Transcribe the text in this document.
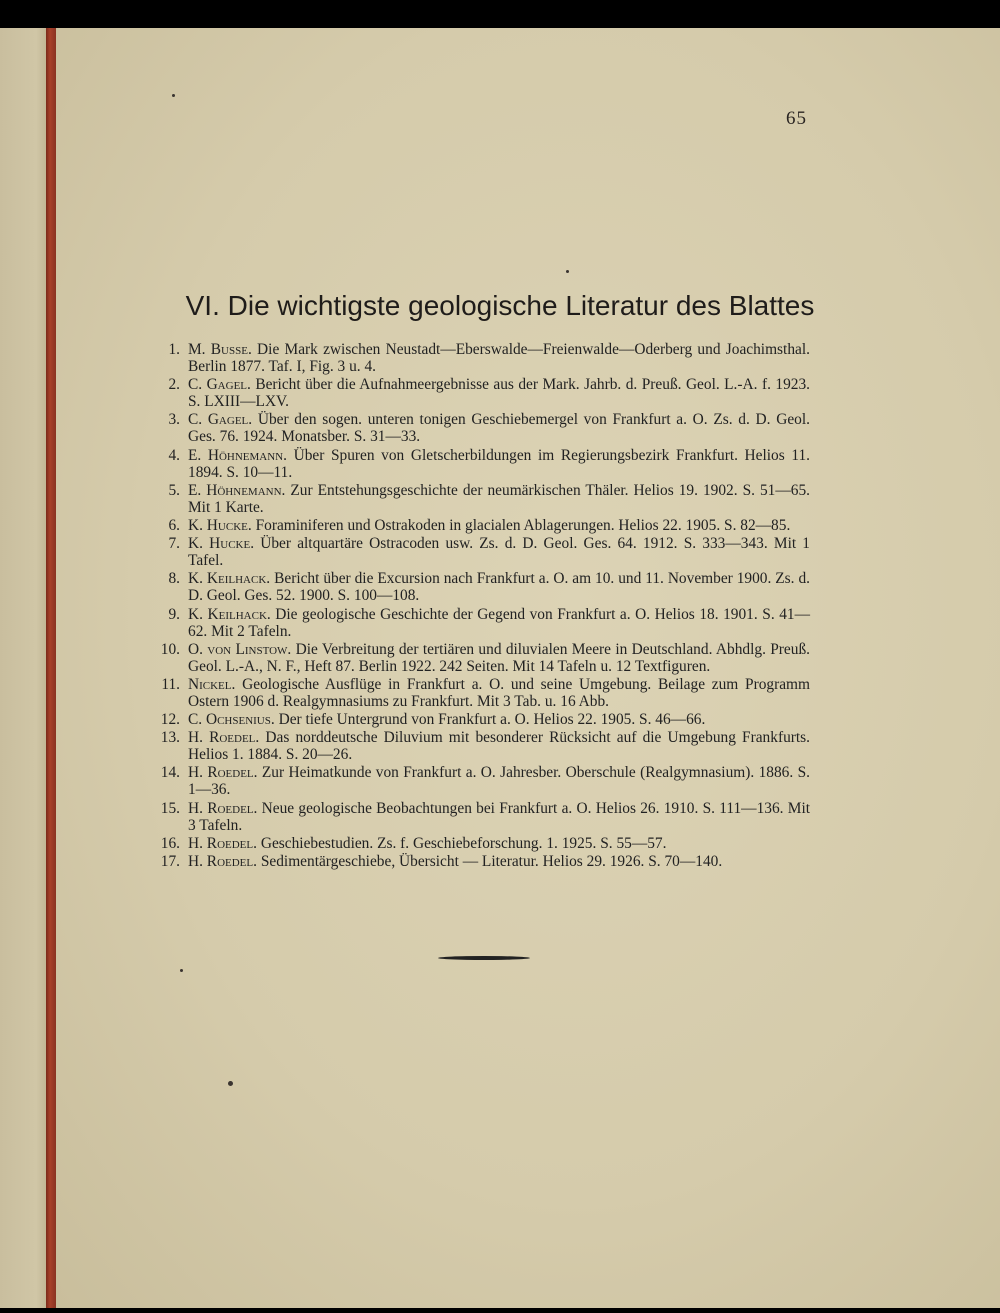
65
VI. Die wichtigste geologische Literatur des Blattes
1. M. Busse. Die Mark zwischen Neustadt—Eberswalde—Freienwalde—Oderberg und Joachimsthal. Berlin 1877. Taf. I, Fig. 3 u. 4.
2. C. Gagel. Bericht über die Aufnahmeergebnisse aus der Mark. Jahrb. d. Preuß. Geol. L.-A. f. 1923. S. LXIII—LXV.
3. C. Gagel. Über den sogen. unteren tonigen Geschiebemergel von Frankfurt a. O. Zs. d. D. Geol. Ges. 76. 1924. Monatsber. S. 31—33.
4. E. Höhnemann. Über Spuren von Gletscherbildungen im Regierungsbezirk Frankfurt. Helios 11. 1894. S. 10—11.
5. E. Höhnemann. Zur Entstehungsgeschichte der neumärkischen Thäler. Helios 19. 1902. S. 51—65. Mit 1 Karte.
6. K. Hucke. Foraminiferen und Ostrakoden in glacialen Ablagerungen. Helios 22. 1905. S. 82—85.
7. K. Hucke. Über altquartäre Ostracoden usw. Zs. d. D. Geol. Ges. 64. 1912. S. 333—343. Mit 1 Tafel.
8. K. Keilhack. Bericht über die Excursion nach Frankfurt a. O. am 10. und 11. November 1900. Zs. d. D. Geol. Ges. 52. 1900. S. 100—108.
9. K. Keilhack. Die geologische Geschichte der Gegend von Frankfurt a. O. Helios 18. 1901. S. 41—62. Mit 2 Tafeln.
10. O. von Linstow. Die Verbreitung der tertiären und diluvialen Meere in Deutschland. Abhdlg. Preuß. Geol. L.-A., N. F., Heft 87. Berlin 1922. 242 Seiten. Mit 14 Tafeln u. 12 Textfiguren.
11. Nickel. Geologische Ausflüge in Frankfurt a. O. und seine Umgebung. Beilage zum Programm Ostern 1906 d. Realgymnasiums zu Frankfurt. Mit 3 Tab. u. 16 Abb.
12. C. Ochsenius. Der tiefe Untergrund von Frankfurt a. O. Helios 22. 1905. S. 46—66.
13. H. Roedel. Das norddeutsche Diluvium mit besonderer Rücksicht auf die Umgebung Frankfurts. Helios 1. 1884. S. 20—26.
14. H. Roedel. Zur Heimatkunde von Frankfurt a. O. Jahresber. Oberschule (Realgymnasium). 1886. S. 1—36.
15. H. Roedel. Neue geologische Beobachtungen bei Frankfurt a. O. Helios 26. 1910. S. 111—136. Mit 3 Tafeln.
16. H. Roedel. Geschiebestudien. Zs. f. Geschiebeforschung. 1. 1925. S. 55—57.
17. H. Roedel. Sedimentärgeschiebe, Übersicht — Literatur. Helios 29. 1926. S. 70—140.
